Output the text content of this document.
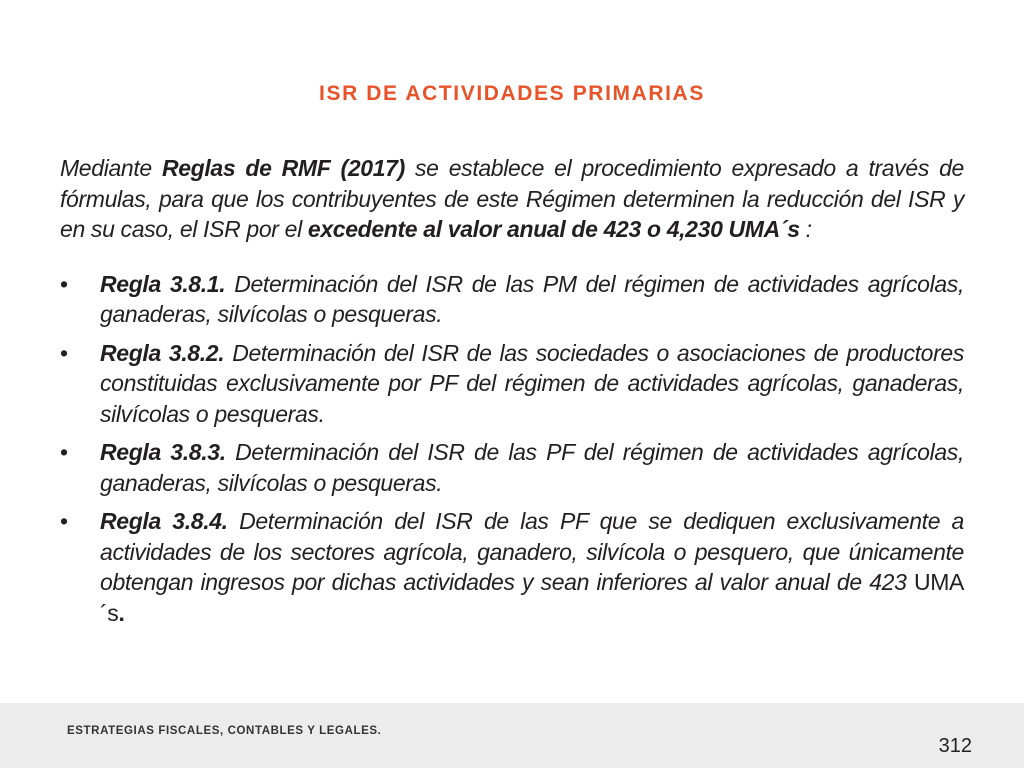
ISR DE ACTIVIDADES PRIMARIAS

Mediante Reglas de RMF (2017) se establece el procedimiento expresado a través de fórmulas, para que los contribuyentes de este Régimen determinen la reducción del ISR y en su caso, el ISR por el excedente al valor anual de 423 o 4,230 UMA´s :

• Regla 3.8.1. Determinación del ISR de las PM del régimen de actividades agrícolas, ganaderas, silvícolas o pesqueras.
• Regla 3.8.2. Determinación del ISR de las sociedades o asociaciones de productores constituidas exclusivamente por PF del régimen de actividades agrícolas, ganaderas, silvícolas o pesqueras.
• Regla 3.8.3. Determinación del ISR de las PF del régimen de actividades agrícolas, ganaderas, silvícolas o pesqueras.
• Regla 3.8.4. Determinación del ISR de las PF que se dediquen exclusivamente a actividades de los sectores agrícola, ganadero, silvícola o pesquero, que únicamente obtengan ingresos por dichas actividades y sean inferiores al valor anual de 423 UMA´s.
ESTRATEGIAS FISCALES, CONTABLES Y LEGALES.
312
